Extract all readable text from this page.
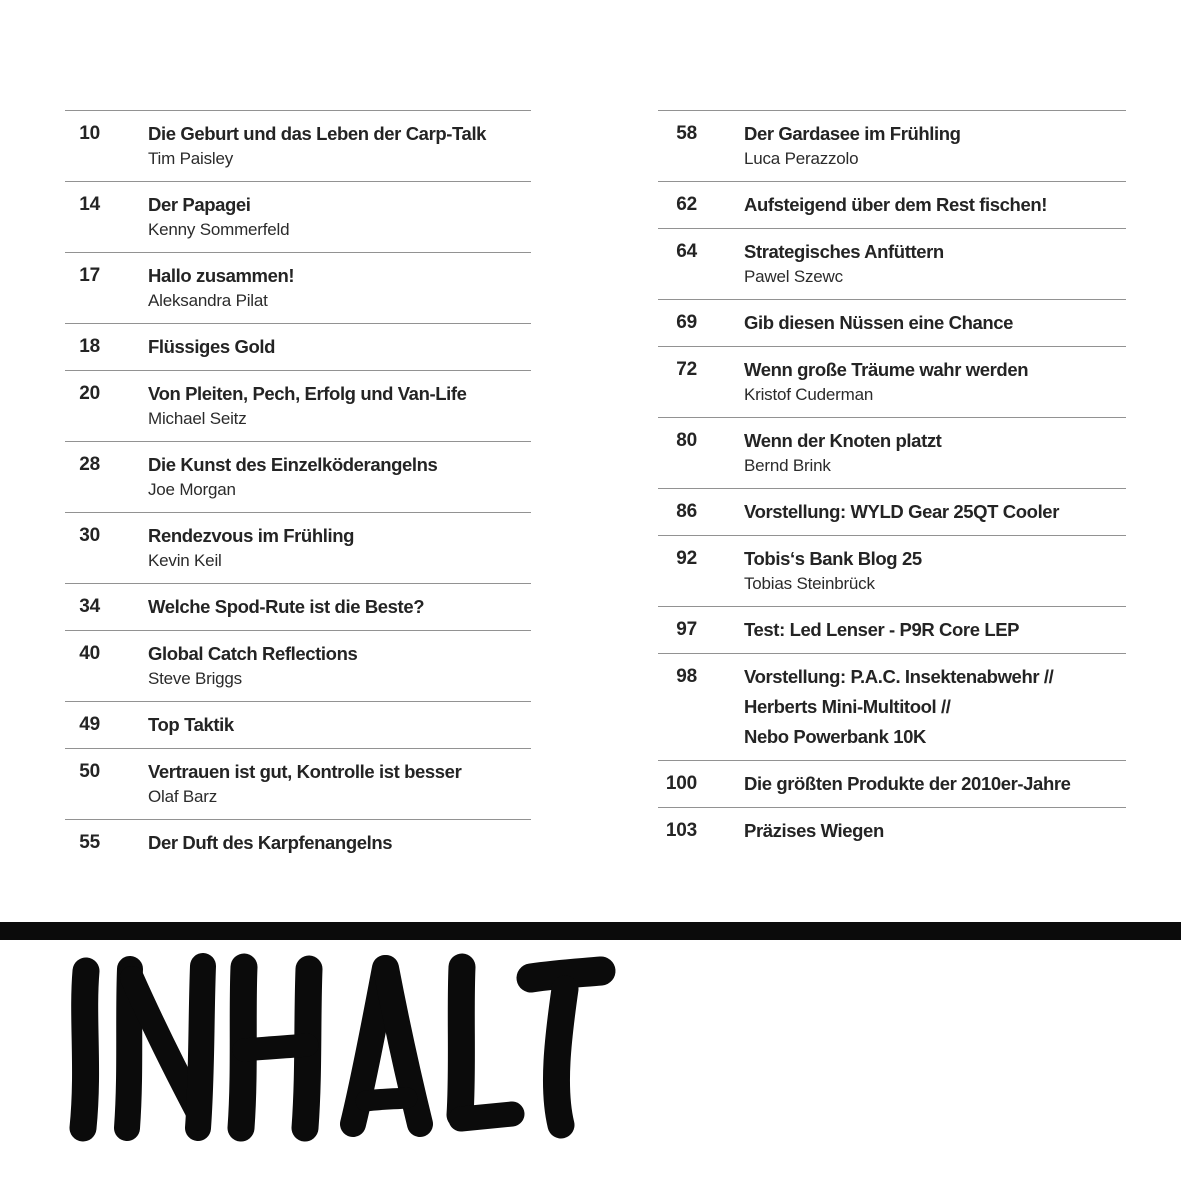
10	Die Geburt und das Leben der Carp-Talk
Tim Paisley
14	Der Papagei
Kenny Sommerfeld
17	Hallo zusammen!
Aleksandra Pilat
18	Flüssiges Gold
20	Von Pleiten, Pech, Erfolg und Van-Life
Michael Seitz
28	Die Kunst des Einzelköderangelns
Joe Morgan
30	Rendezvous im Frühling
Kevin Keil
34	Welche Spod-Rute ist die Beste?
40	Global Catch Reflections
Steve Briggs
49	Top Taktik
50	Vertrauen ist gut, Kontrolle ist besser
Olaf Barz
55	Der Duft des Karpfenangelns
58	Der Gardasee im Frühling
Luca Perazzolo
62	Aufsteigend über dem Rest fischen!
64	Strategisches Anfüttern
Pawel Szewc
69	Gib diesen Nüssen eine Chance
72	Wenn große Träume wahr werden
Kristof Cuderman
80	Wenn der Knoten platzt
Bernd Brink
86	Vorstellung: WYLD Gear 25QT Cooler
92	Tobis‘s Bank Blog 25
Tobias Steinbrück
97	Test: Led Lenser - P9R Core LEP
98	Vorstellung: P.A.C. Insektenabwehr //
Herberts Mini-Multitool //
Nebo Powerbank 10K
100	Die größten Produkte der 2010er-Jahre
103	Präzises Wiegen
